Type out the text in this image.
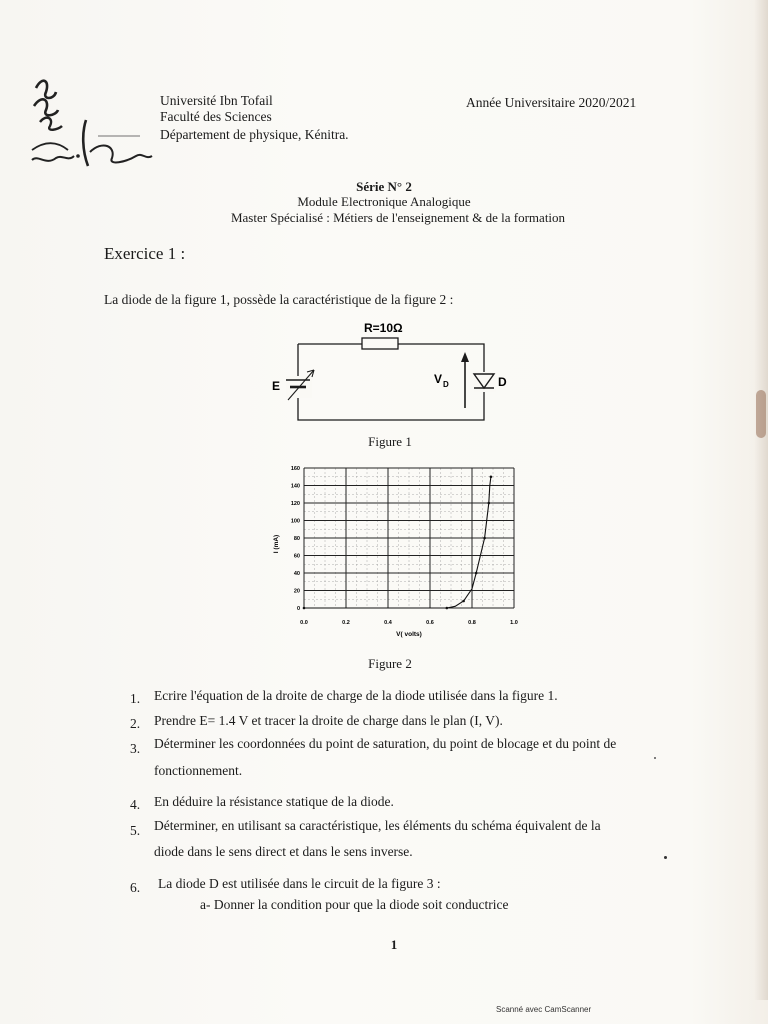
Université Ibn Tofail
Faculté des Sciences
Département de physique, Kénitra.
Année Universitaire 2020/2021
Série N° 2
Module Electronique Analogique
Master Spécialisé : Métiers de l'enseignement & de la formation
Exercice 1 :
La diode de la figure 1, possède la caractéristique de la figure 2 :
R=10Ω
E	V D	D
Figure 1
0
20
40
60
80
100
120
140
160
0.0	0.2	0.4	0.6	0.8	1.0
I (mA)
V( volts)
Figure 2
1. Ecrire l'équation de la droite de charge de la diode utilisée dans la figure 1.
2. Prendre E= 1.4 V et tracer la droite de charge dans le plan (I, V).
3. Déterminer les coordonnées du point de saturation, du point de blocage et du point de
fonctionnement.
4. En déduire la résistance statique de la diode.
5. Déterminer, en utilisant sa caractéristique, les éléments du schéma équivalent de la
diode dans le sens direct et dans le sens inverse.
6. La diode D est utilisée dans le circuit de la figure 3 :
a- Donner la condition pour que la diode soit conductrice
1
Scanné avec CamScanner
